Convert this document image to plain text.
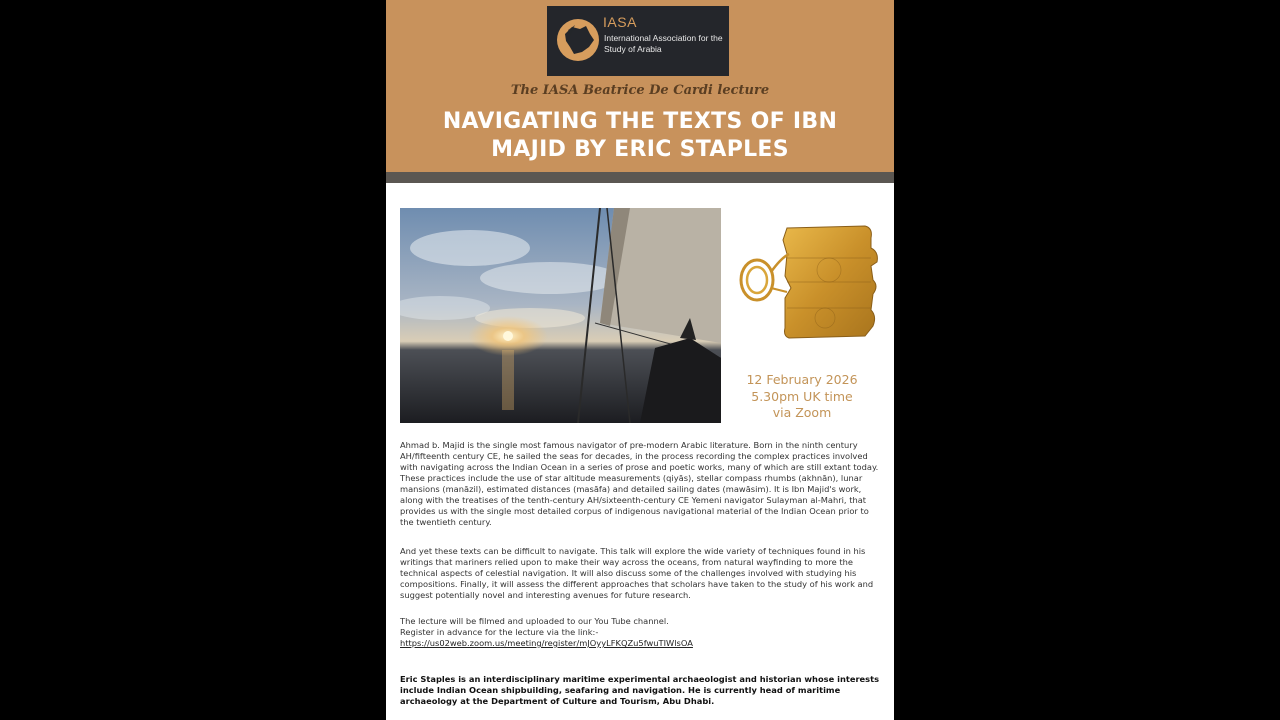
IASA
International Association for the Study of Arabia
The IASA Beatrice De Cardi lecture
NAVIGATING THE TEXTS OF IBN
MAJID BY ERIC STAPLES
12 February 2026
5.30pm UK time
via Zoom

Ahmad b. Majid is the single most famous navigator of pre-modern Arabic literature. Born in the ninth century AH/fifteenth century CE, he sailed the seas for decades, in the process recording the complex practices involved with navigating across the Indian Ocean in a series of prose and poetic works, many of which are still extant today. These practices include the use of star altitude measurements (qiyās), stellar compass rhumbs (akhnān), lunar mansions (manāzil), estimated distances (masāfa) and detailed sailing dates (mawāsim). It is Ibn Majid's work, along with the treatises of the tenth-century AH/sixteenth-century CE Yemeni navigator Sulayman al-Mahri, that provides us with the single most detailed corpus of indigenous navigational material of the Indian Ocean prior to the twentieth century.

And yet these texts can be difficult to navigate. This talk will explore the wide variety of techniques found in his writings that mariners relied upon to make their way across the oceans, from natural wayfinding to more the technical aspects of celestial navigation. It will also discuss some of the challenges involved with studying his compositions. Finally, it will assess the different approaches that scholars have taken to the study of his work and suggest potentially novel and interesting avenues for future research.

The lecture will be filmed and uploaded to our You Tube channel.
Register in advance for the lecture via the link:-
https://us02web.zoom.us/meeting/register/mJOyyLFKQZu5fwuTIWlsOA

Eric Staples is an interdisciplinary maritime experimental archaeologist and historian whose interests include Indian Ocean shipbuilding, seafaring and navigation. He is currently head of maritime archaeology at the Department of Culture and Tourism, Abu Dhabi.
